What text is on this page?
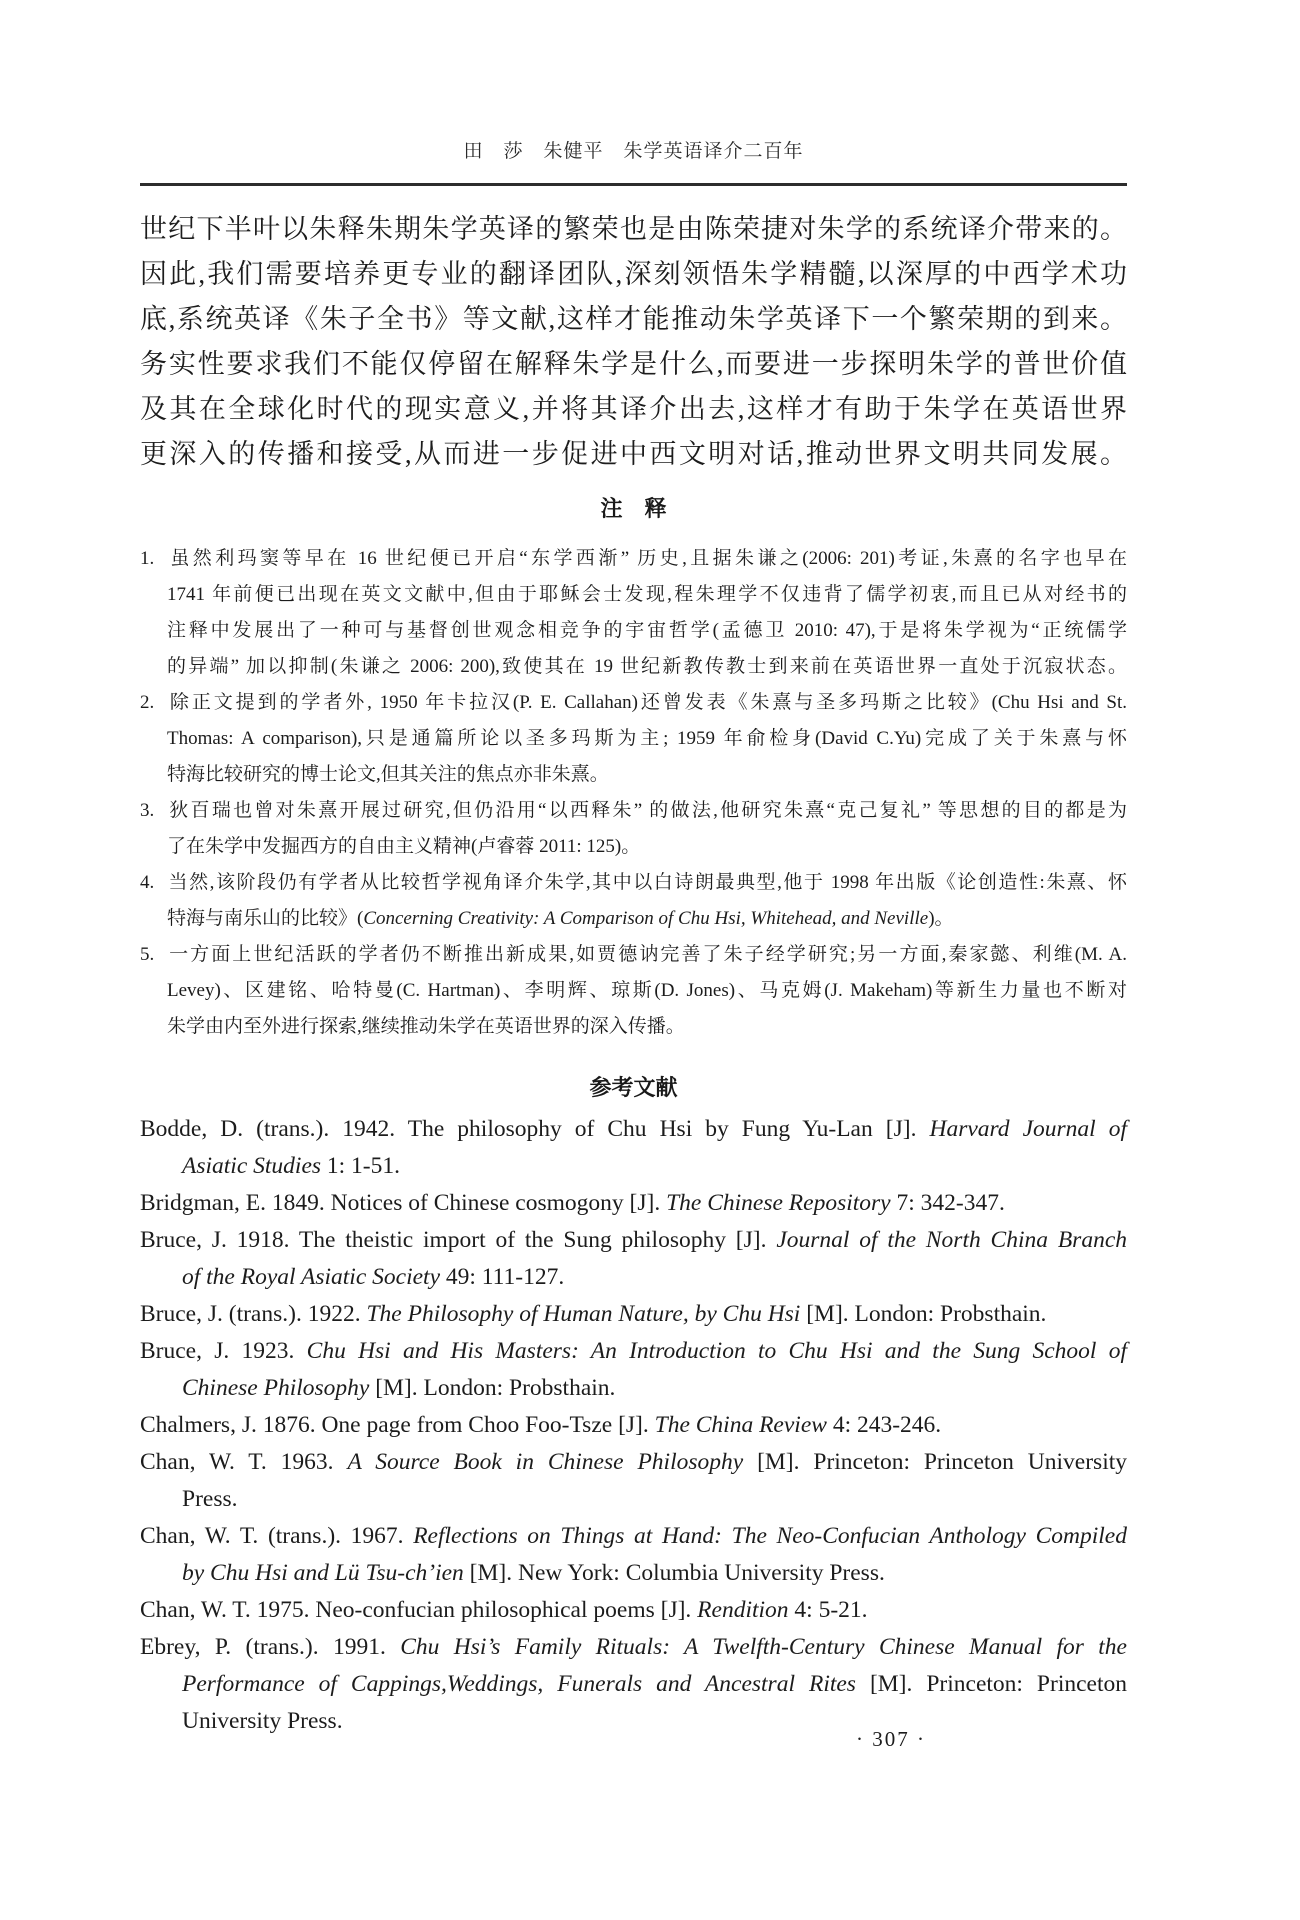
田　莎　朱健平　朱学英语译介二百年
世纪下半叶以朱释朱期朱学英译的繁荣也是由陈荣捷对朱学的系统译介带来的。
因此,我们需要培养更专业的翻译团队,深刻领悟朱学精髓,以深厚的中西学术功
底,系统英译《朱子全书》等文献,这样才能推动朱学英译下一个繁荣期的到来。
务实性要求我们不能仅停留在解释朱学是什么,而要进一步探明朱学的普世价值
及其在全球化时代的现实意义,并将其译介出去,这样才有助于朱学在英语世界
更深入的传播和接受,从而进一步促进中西文明对话,推动世界文明共同发展。
注　释
1. 虽然利玛窦等早在 16 世纪便已开启“东学西渐” 历史,且据朱谦之(2006: 201)考证,朱熹的名字也早在
1741 年前便已出现在英文文献中,但由于耶稣会士发现,程朱理学不仅违背了儒学初衷,而且已从对经书的
注释中发展出了一种可与基督创世观念相竞争的宇宙哲学(孟德卫 2010: 47),于是将朱学视为“正统儒学
的异端” 加以抑制(朱谦之 2006: 200),致使其在 19 世纪新教传教士到来前在英语世界一直处于沉寂状态。
2. 除正文提到的学者外, 1950 年卡拉汉(P. E. Callahan)还曾发表《朱熹与圣多玛斯之比较》(Chu Hsi and St.
Thomas: A comparison),只是通篇所论以圣多玛斯为主; 1959 年俞检身(David C.Yu)完成了关于朱熹与怀
特海比较研究的博士论文,但其关注的焦点亦非朱熹。
3. 狄百瑞也曾对朱熹开展过研究,但仍沿用“以西释朱” 的做法,他研究朱熹“克己复礼” 等思想的目的都是为
了在朱学中发掘西方的自由主义精神(卢睿蓉 2011: 125)。
4. 当然,该阶段仍有学者从比较哲学视角译介朱学,其中以白诗朗最典型,他于 1998 年出版《论创造性:朱熹、怀
特海与南乐山的比较》(Concerning Creativity: A Comparison of Chu Hsi, Whitehead, and Neville)。
5. 一方面上世纪活跃的学者仍不断推出新成果,如贾德讷完善了朱子经学研究;另一方面,秦家懿、利维(M. A.
Levey)、区建铭、哈特曼(C. Hartman)、李明辉、琼斯(D. Jones)、马克姆(J. Makeham)等新生力量也不断对
朱学由内至外进行探索,继续推动朱学在英语世界的深入传播。
参考文献
Bodde, D. (trans.). 1942. The philosophy of Chu Hsi by Fung Yu-Lan [J]. Harvard Journal of
Asiatic Studies 1: 1-51.
Bridgman, E. 1849. Notices of Chinese cosmogony [J]. The Chinese Repository 7: 342-347.
Bruce, J. 1918. The theistic import of the Sung philosophy [J]. Journal of the North China Branch
of the Royal Asiatic Society 49: 111-127.
Bruce, J. (trans.). 1922. The Philosophy of Human Nature, by Chu Hsi [M]. London: Probsthain.
Bruce, J. 1923. Chu Hsi and His Masters: An Introduction to Chu Hsi and the Sung School of
Chinese Philosophy [M]. London: Probsthain.
Chalmers, J. 1876. One page from Choo Foo-Tsze [J]. The China Review 4: 243-246.
Chan, W. T. 1963. A Source Book in Chinese Philosophy [M]. Princeton: Princeton University
Press.
Chan, W. T. (trans.). 1967. Reflections on Things at Hand: The Neo-Confucian Anthology Compiled
by Chu Hsi and Lü Tsu-ch’ien [M]. New York: Columbia University Press.
Chan, W. T. 1975. Neo-confucian philosophical poems [J]. Rendition 4: 5-21.
Ebrey, P. (trans.). 1991. Chu Hsi’s Family Rituals: A Twelfth-Century Chinese Manual for the
Performance of Cappings,Weddings, Funerals and Ancestral Rites [M]. Princeton: Princeton
University Press.
· 307 ·
